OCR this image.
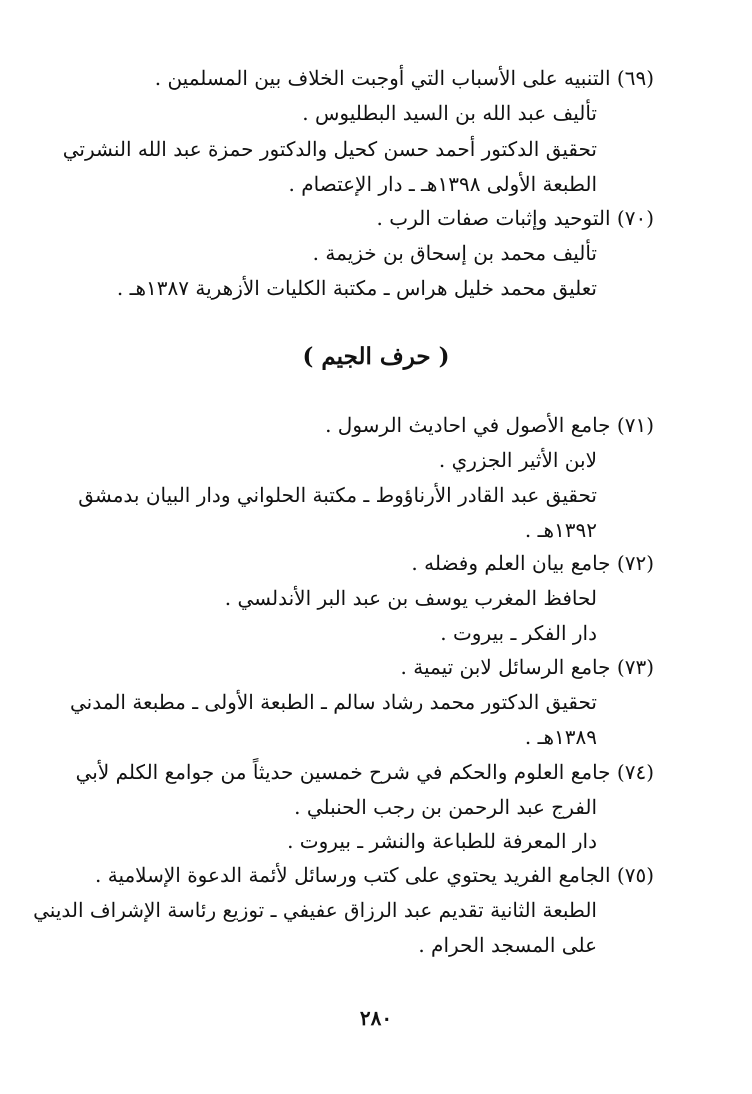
(٦٩) التنبيه على الأسباب التي أوجبت الخلاف بين المسلمين .
تأليف عبد الله بن السيد البطليوس .
تحقيق الدكتور أحمد حسن كحيل والدكتور حمزة عبد الله النشرتي
الطبعة الأولى ١٣٩٨هـ ـ دار الإعتصام .
(٧٠) التوحيد وإثبات صفات الرب .
تأليف محمد بن إسحاق بن خزيمة .
تعليق محمد خليل هراس ـ مكتبة الكليات الأزهرية ١٣٨٧هـ .
( حرف الجيم )
(٧١) جامع الأصول في احاديث الرسول .
لابن الأثير الجزري .
تحقيق عبد القادر الأرناؤوط ـ مكتبة الحلواني ودار البيان بدمشق
١٣٩٢هـ .
(٧٢) جامع بيان العلم وفضله .
لحافظ المغرب يوسف بن عبد البر الأندلسي .
دار الفكر ـ بيروت .
(٧٣) جامع الرسائل لابن تيمية .
تحقيق الدكتور محمد رشاد سالم ـ الطبعة الأولى ـ مطبعة المدني
١٣٨٩هـ .
(٧٤) جامع العلوم والحكم في شرح خمسين حديثاً من جوامع الكلم لأبي
الفرج عبد الرحمن بن رجب الحنبلي .
دار المعرفة للطباعة والنشر ـ بيروت .
(٧٥) الجامع الفريد يحتوي على كتب ورسائل لأئمة الدعوة الإسلامية .
الطبعة الثانية تقديم عبد الرزاق عفيفي ـ توزيع رئاسة الإشراف الديني
على المسجد الحرام .
٢٨٠
